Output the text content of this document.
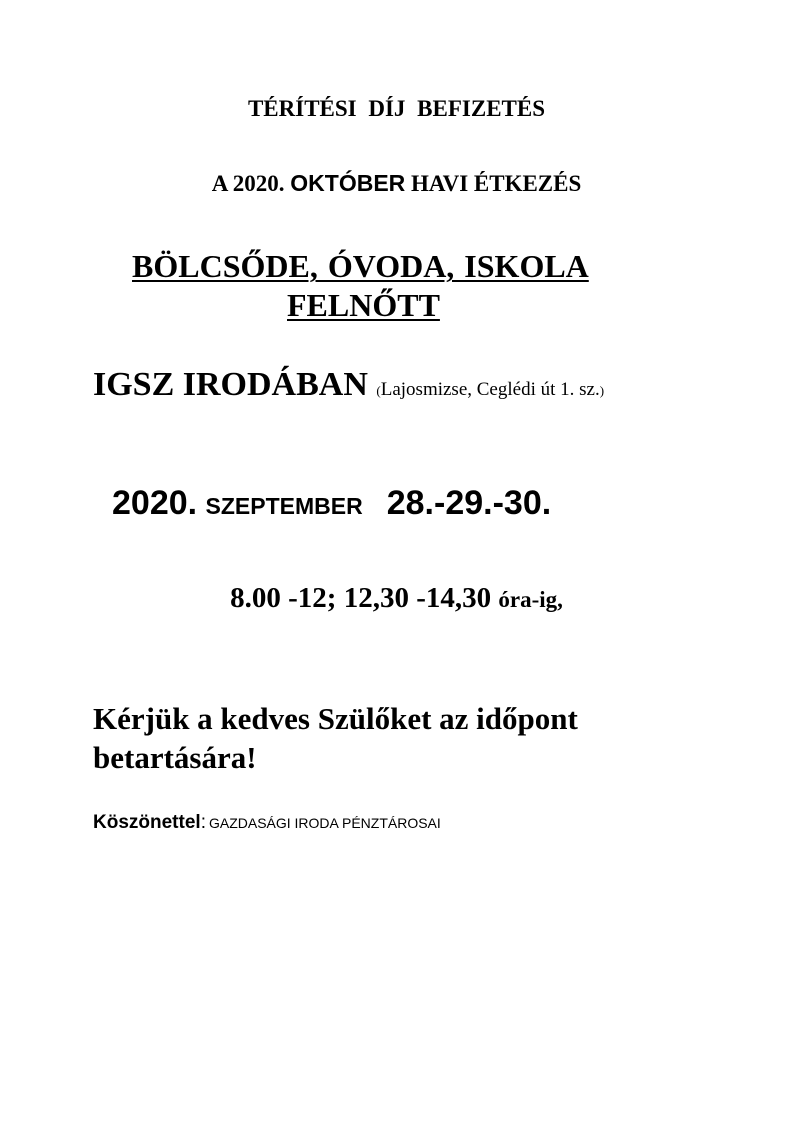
TÉRÍTÉSI DÍJ BEFIZETÉS
A 2020. OKTÓBER HAVI ÉTKEZÉS
BÖLCSŐDE, ÓVODA, ISKOLA
FELNŐTT
IGSZ IRODÁBAN (Lajosmizse, Ceglédi út 1. sz.)
2020. SZEPTEMBER 28.-29.-30.
8.00 -12; 12,30 -14,30 óra-ig,
Kérjük a kedves Szülőket az időpont
betartására!
Köszönettel: GAZDASÁGI IRODA PÉNZTÁROSAI
